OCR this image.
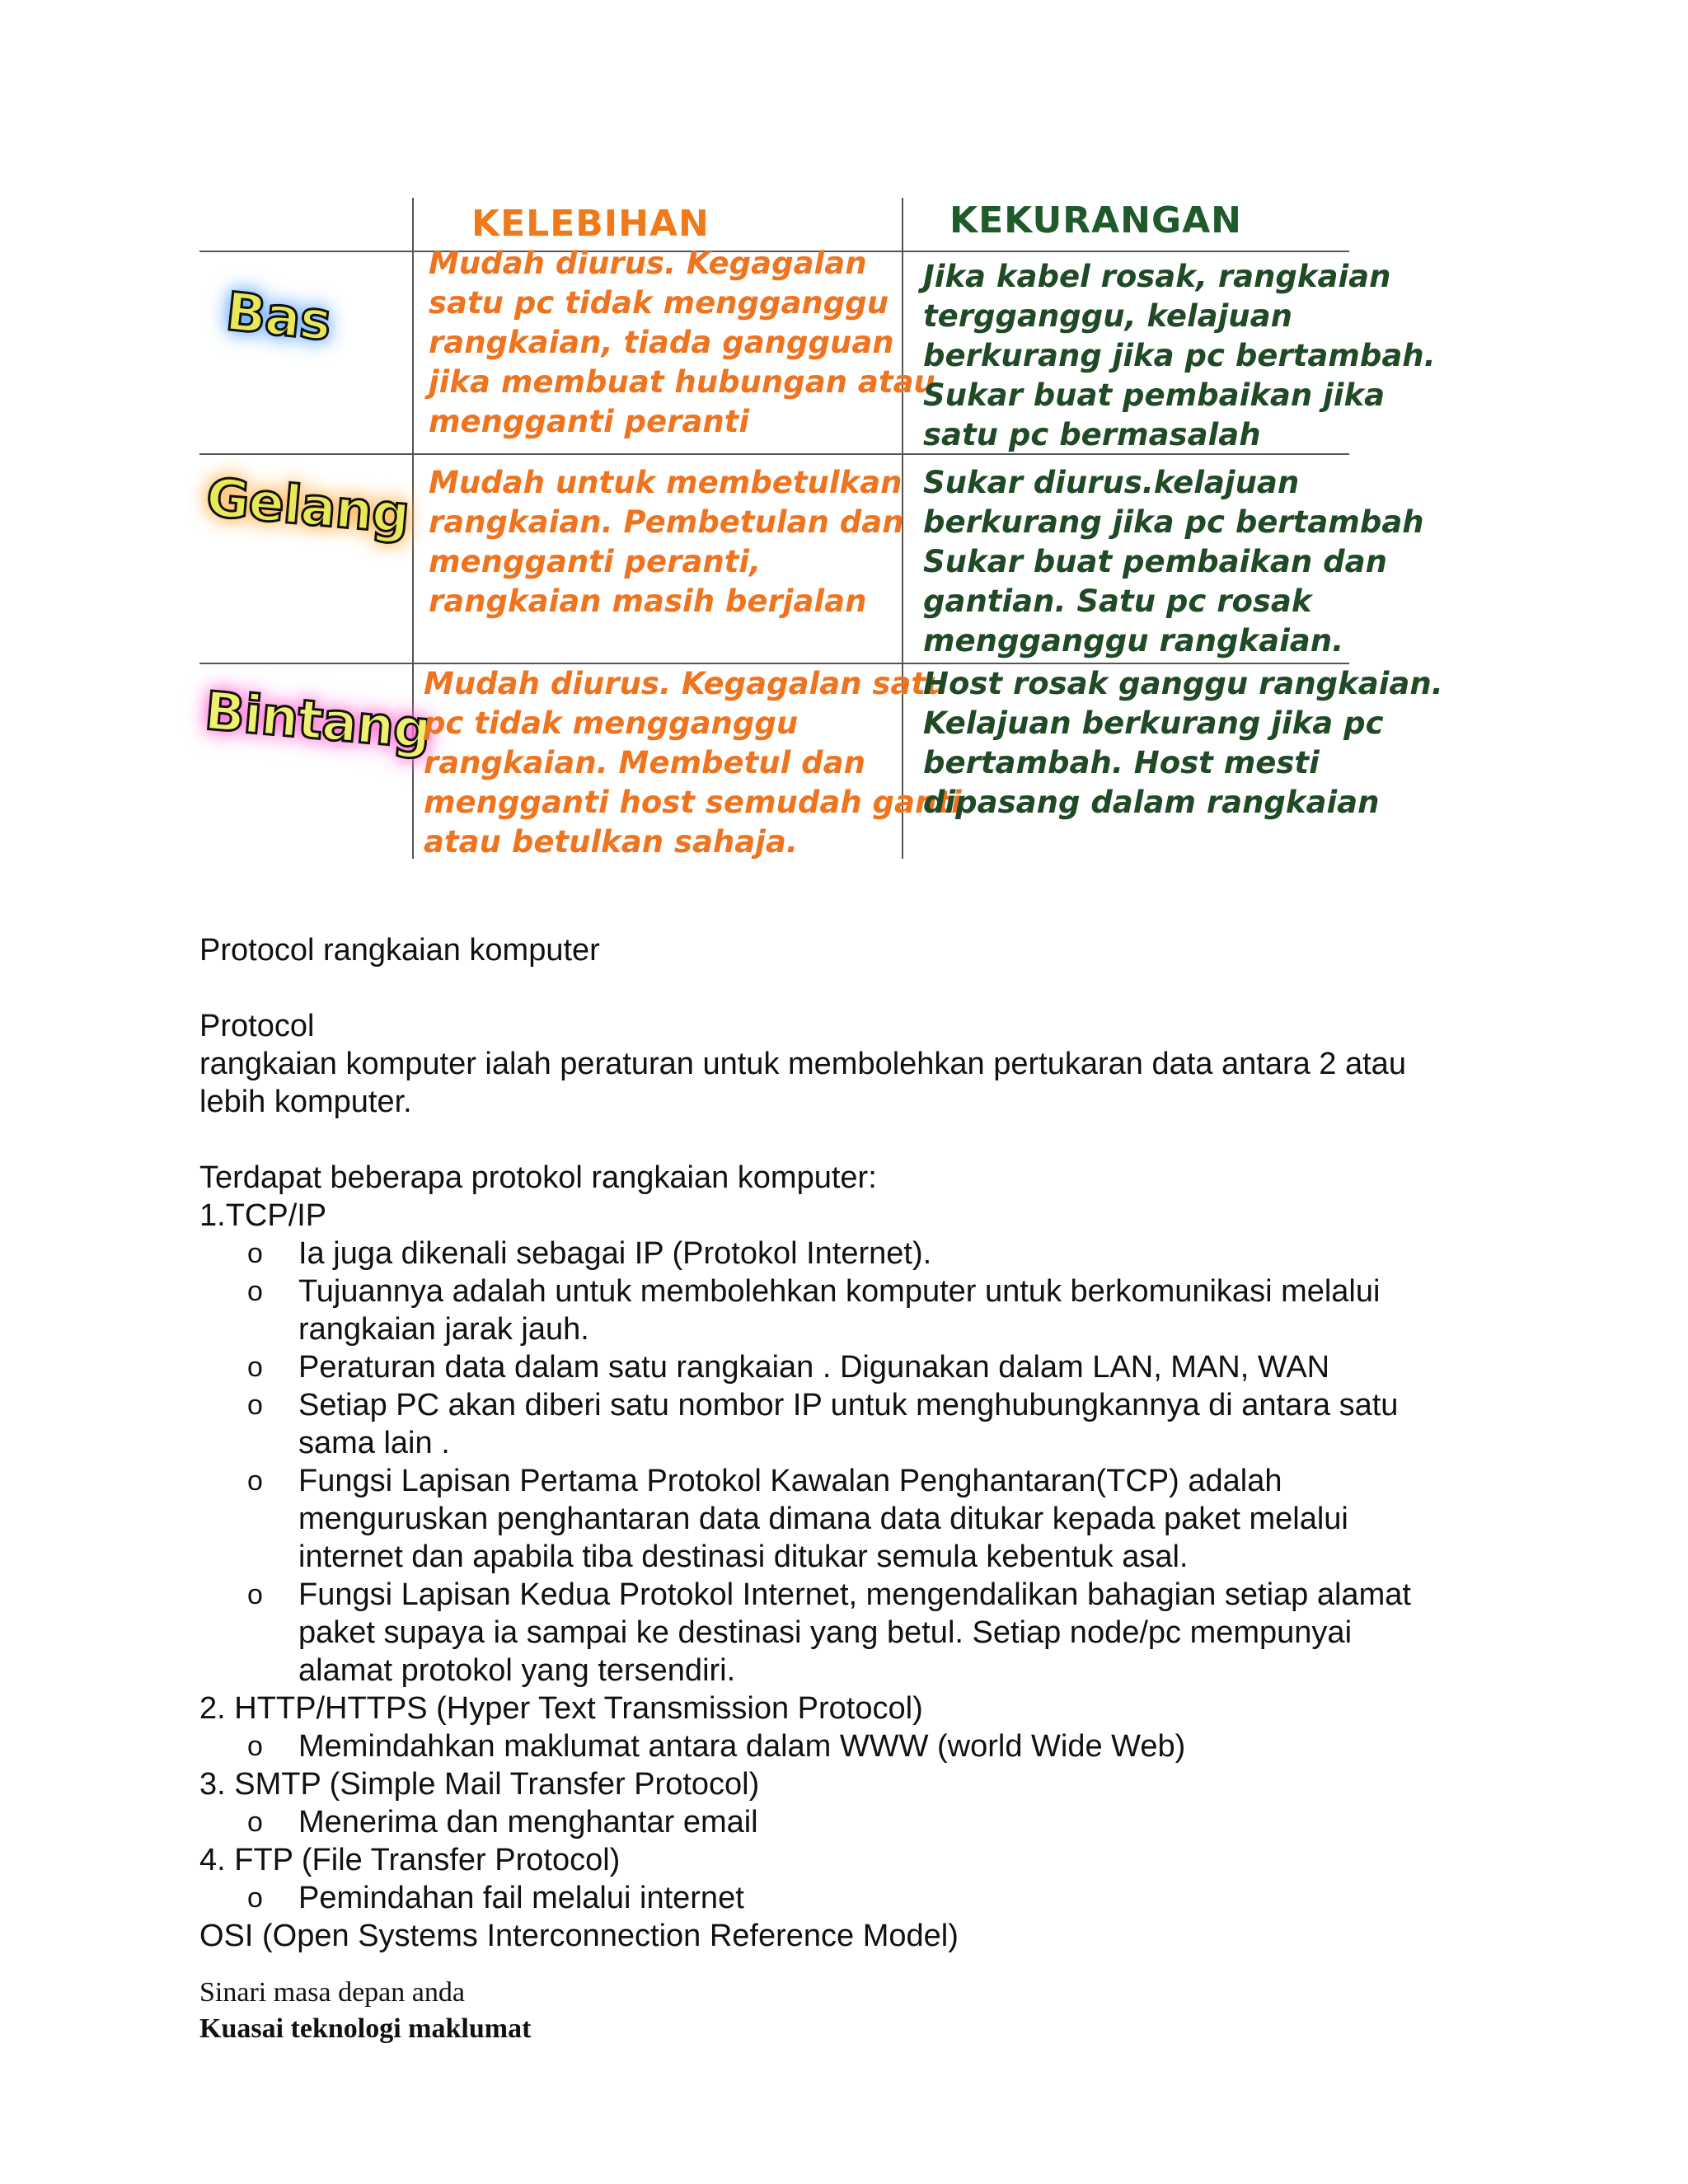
KELEBIHAN	KEKURANGAN
Bas
Gelang
Bintang
Mudah diurus. Kegagalan
satu pc tidak mengganggu
rangkaian, tiada gangguan
jika membuat hubungan atau
mengganti peranti
Jika kabel rosak, rangkaian
tergganggu, kelajuan
berkurang jika pc bertambah.
Sukar buat pembaikan jika
satu pc bermasalah
Mudah untuk membetulkan
rangkaian. Pembetulan dan
mengganti peranti,
rangkaian masih berjalan
Sukar diurus.kelajuan
berkurang jika pc bertambah
Sukar buat pembaikan dan
gantian. Satu pc rosak
mengganggu rangkaian.
Mudah diurus. Kegagalan satu
pc tidak mengganggu
rangkaian. Membetul dan
mengganti host semudah ganti
atau betulkan sahaja.
Host rosak ganggu rangkaian.
Kelajuan berkurang jika pc
bertambah. Host mesti
dipasang dalam rangkaian

Protocol rangkaian komputer

Protocol

rangkaian komputer ialah peraturan untuk membolehkan pertukaran data antara 2 atau

lebih komputer.

Terdapat beberapa protokol rangkaian komputer:

1.TCP/IP

o Ia juga dikenali sebagai IP (Protokol Internet).
o Tujuannya adalah untuk membolehkan komputer untuk berkomunikasi melalui
rangkaian jarak jauh.
o Peraturan data dalam satu rangkaian . Digunakan dalam LAN, MAN, WAN
o Setiap PC akan diberi satu nombor IP untuk menghubungkannya di antara satu
sama lain .
o Fungsi Lapisan Pertama Protokol Kawalan Penghantaran(TCP) adalah
menguruskan penghantaran data dimana data ditukar kepada paket melalui
internet dan apabila tiba destinasi ditukar semula kebentuk asal.
o Fungsi Lapisan Kedua Protokol Internet, mengendalikan bahagian setiap alamat
paket supaya ia sampai ke destinasi yang betul. Setiap node/pc mempunyai
alamat protokol yang tersendiri.

2. HTTP/HTTPS (Hyper Text Transmission Protocol)

o Memindahkan maklumat antara dalam WWW (world Wide Web)

3. SMTP (Simple Mail Transfer Protocol)

o Menerima dan menghantar email

4. FTP (File Transfer Protocol)

o Pemindahan fail melalui internet

OSI (Open Systems Interconnection Reference Model)

Sinari masa depan anda
Kuasai teknologi maklumat
